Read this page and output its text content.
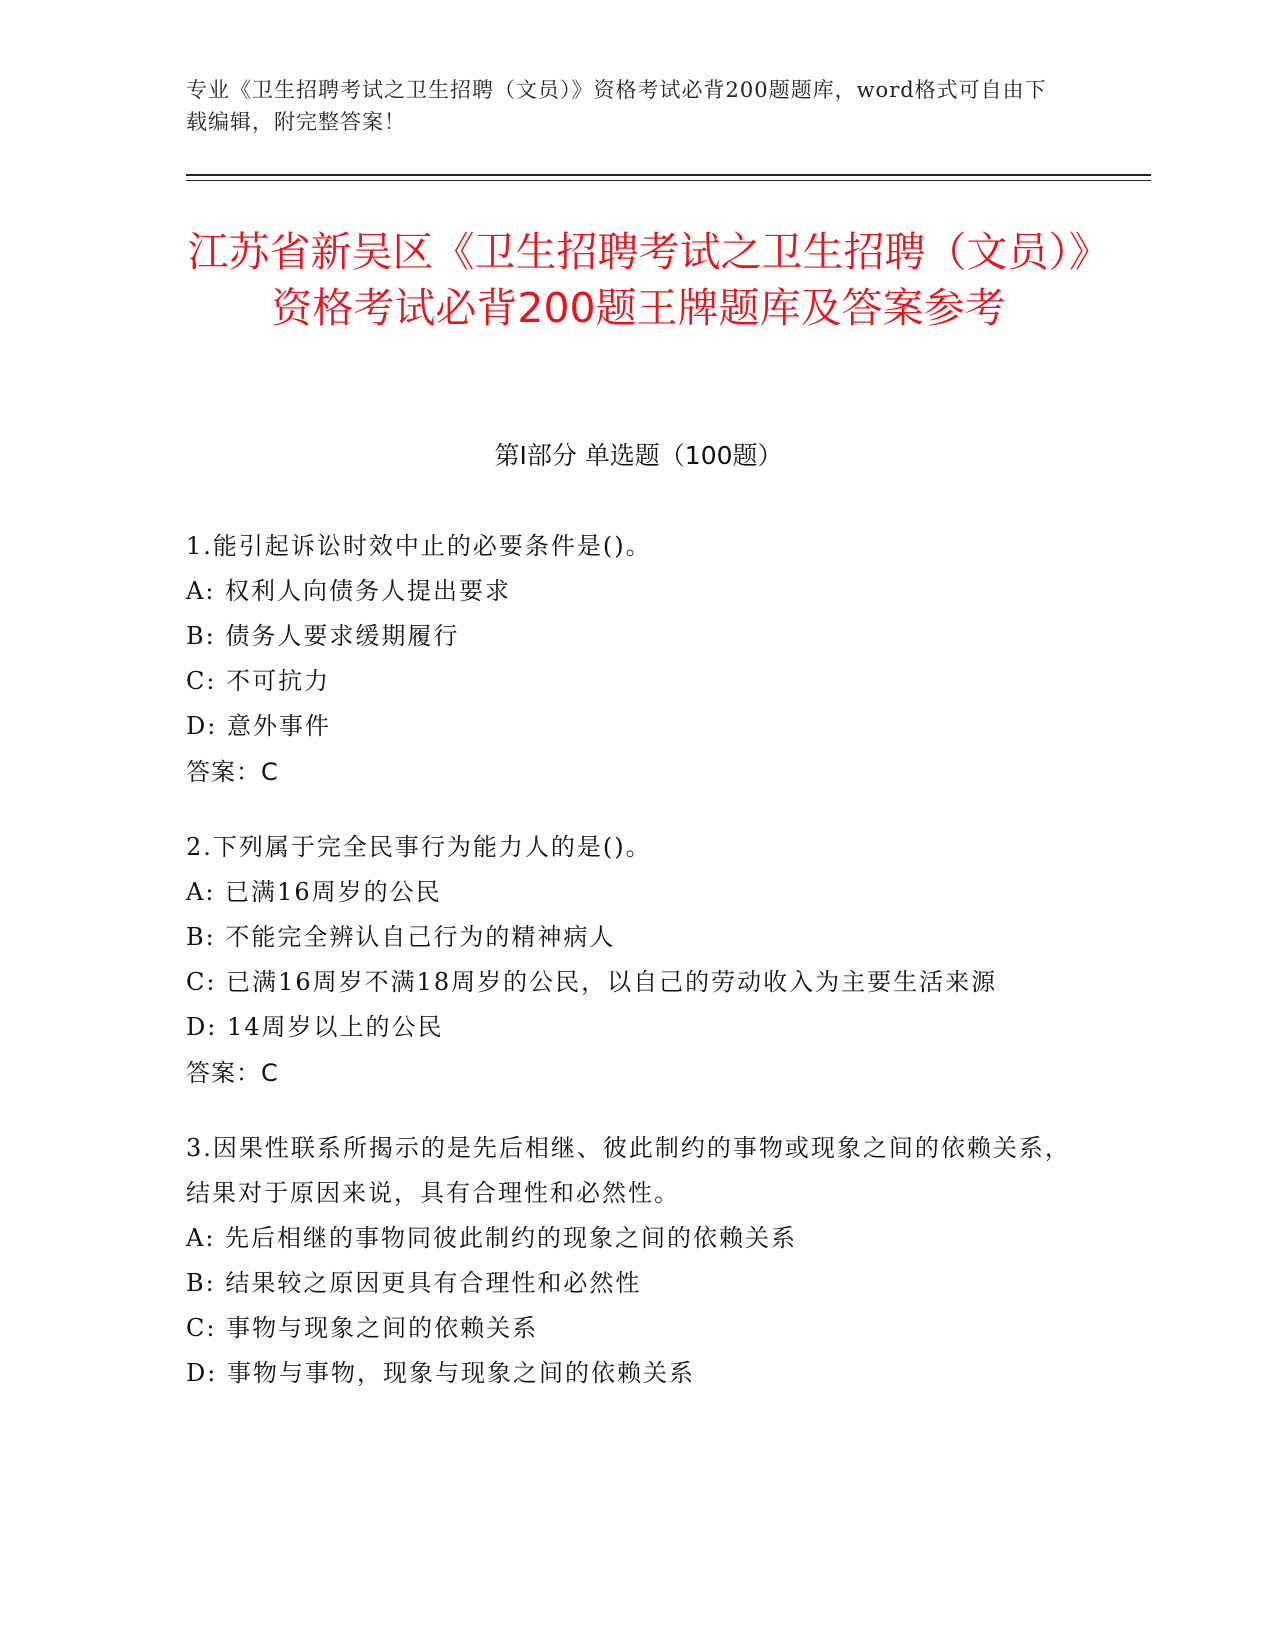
专业《卫生招聘考试之卫生招聘（文员）》资格考试必背200题题库，word格式可自由下载编辑，附完整答案！
江苏省新吴区《卫生招聘考试之卫生招聘（文员）》资格考试必背200题王牌题库及答案参考
第Ⅰ部分 单选题（100题）

1.能引起诉讼时效中止的必要条件是()。

A: 权利人向债务人提出要求

B: 债务人要求缓期履行

C: 不可抗力

D: 意外事件

答案：C

2.下列属于完全民事行为能力人的是()。

A: 已满16周岁的公民

B: 不能完全辨认自己行为的精神病人

C: 已满16周岁不满18周岁的公民，以自己的劳动收入为主要生活来源

D: 14周岁以上的公民

答案：C

3.因果性联系所揭示的是先后相继、彼此制约的事物或现象之间的依赖关系，结果对于原因来说，具有合理性和必然性。

A: 先后相继的事物同彼此制约的现象之间的依赖关系

B: 结果较之原因更具有合理性和必然性

C: 事物与现象之间的依赖关系

D: 事物与事物，现象与现象之间的依赖关系
